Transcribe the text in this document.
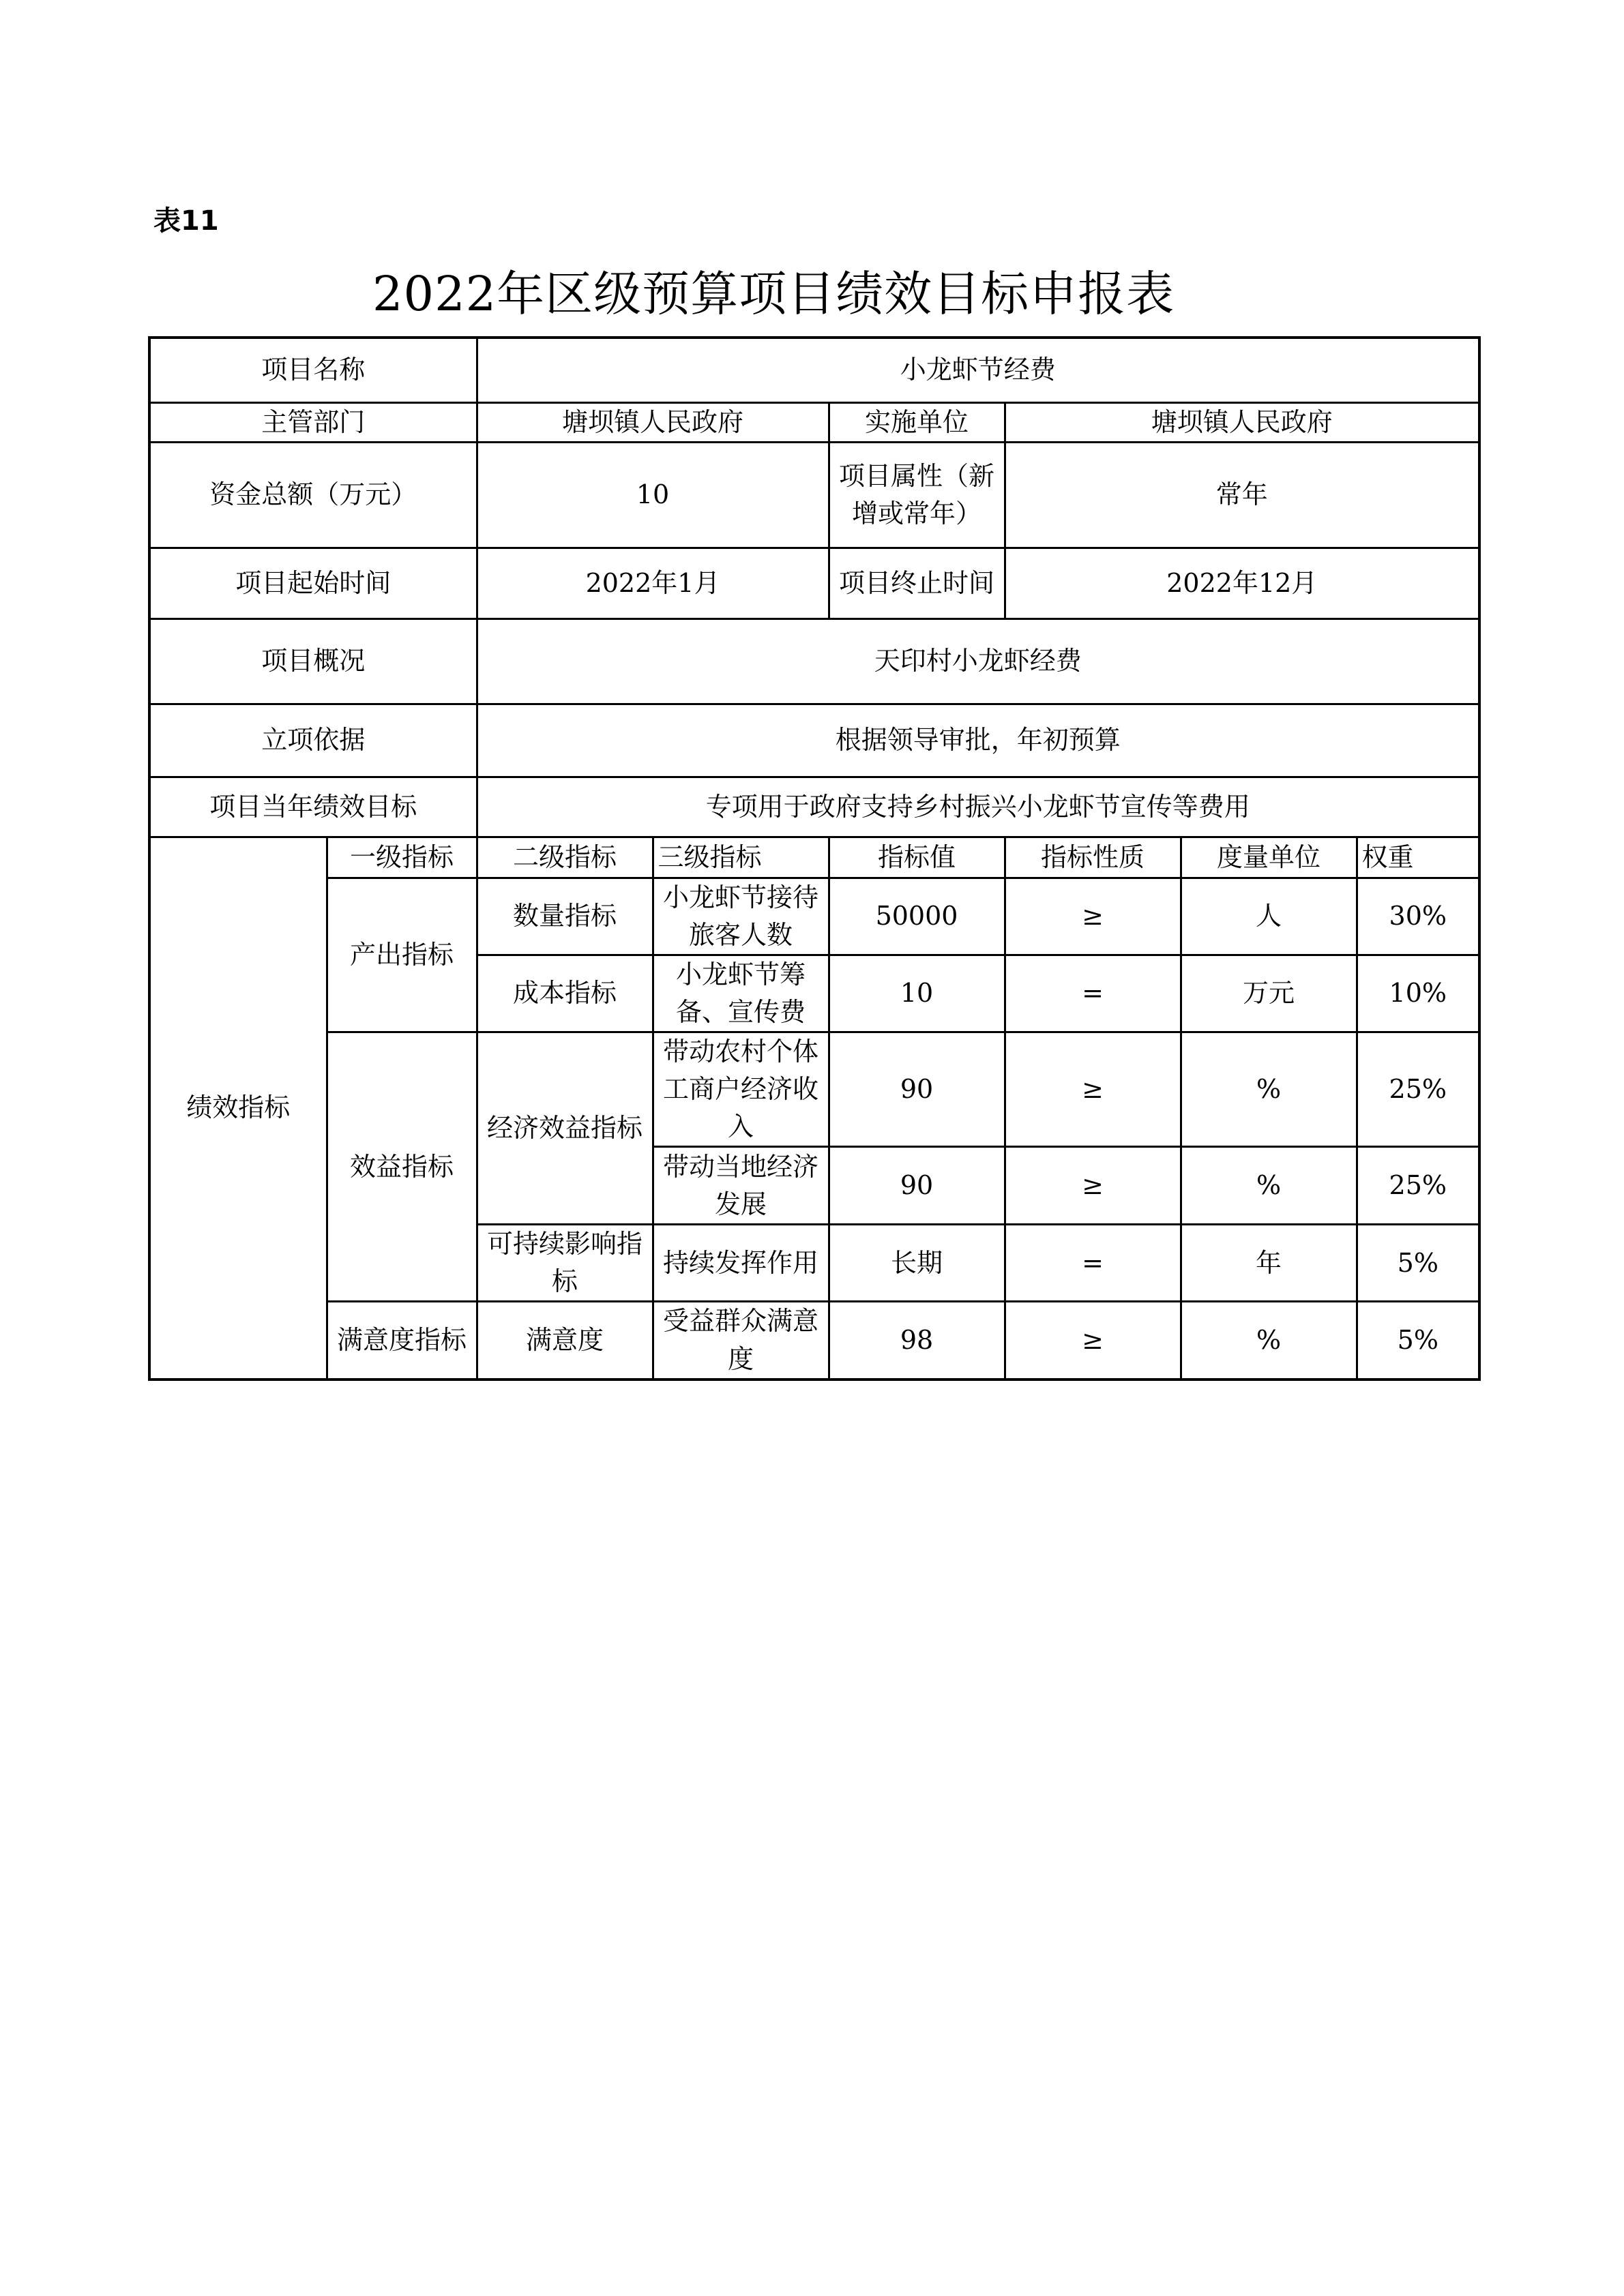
表11
2022年区级预算项目绩效目标申报表
项目名称		小龙虾节经费					
主管部门		塘坝镇人民政府		实施单位	塘坝镇人民政府		
资金总额（万元）		10		项目属性（新增或常年）	常年		
项目起始时间		2022年1月		项目终止时间	2022年12月		
项目概况		天印村小龙虾经费					
立项依据		根据领导审批，年初预算					
项目当年绩效目标		专项用于政府支持乡村振兴小龙虾节宣传等费用					
绩效指标	一级指标	二级指标	三级指标	指标值	指标性质	度量单位	权重
	产出指标	数量指标	小龙虾节接待旅客人数	50000	≥	人	30%
		成本指标	小龙虾节筹备、宣传费	10	=	万元	10%
	效益指标	经济效益指标	带动农村个体工商户经济收入	90	≥	%	25%
			带动当地经济发展	90	≥	%	25%
		可持续影响指标	持续发挥作用	长期	=	年	5%
	满意度指标	满意度	受益群众满意度	98	≥	%	5%
